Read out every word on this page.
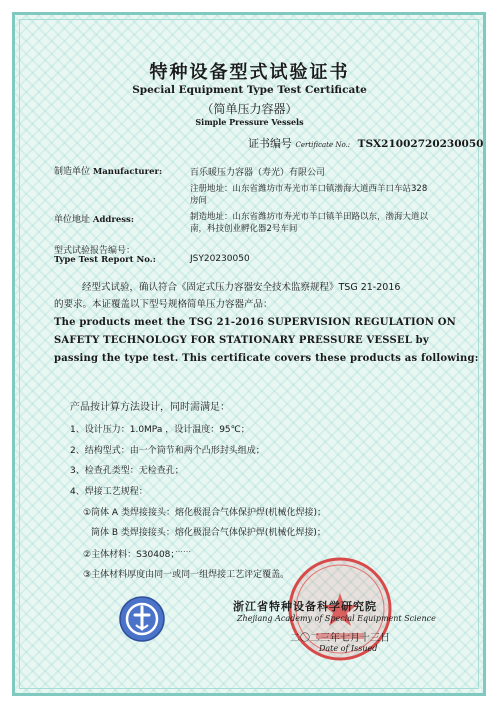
特种设备型式试验证书
Special Equipment Type Test Certificate
（简单压力容器）
Simple Pressure Vessels
证书编号 Certificate No.: TSX21002720230050
制造单位 Manufacturer:	百乐暖压力容器（寿光）有限公司
单位地址 Address:
注册地址：山东省潍坊市寿光市羊口镇渤海大道西羊口车站328房间
制造地址：山东省潍坊市寿光市羊口镇羊田路以东，渤海大道以南，科技创业孵化器2号车间
型式试验报告编号：
Type Test Report No.:	JSY20230050
经型式试验，确认符合《固定式压力容器安全技术监察规程》TSG 21-2016
的要求。本证覆盖以下型号规格简单压力容器产品：
The products meet the TSG 21-2016 SUPERVISION REGULATION ON
SAFETY TECHNOLOGY FOR STATIONARY PRESSURE VESSEL by
passing the type test. This certificate covers these products as following:
产品按计算方法设计，同时需满足：
1、设计压力：1.0MPa ，设计温度：95℃；
2、结构型式：由一个筒节和两个凸形封头组成；
3、检查孔类型：无检查孔；
4、焊接工艺规程：
①筒体 A 类焊接接头：熔化极混合气体保护焊(机械化焊接)；
筒体 B 类焊接接头：熔化极混合气体保护焊(机械化焊接)；
②主体材料：S30408；
……
③主体材料厚度由同一或同一组焊接工艺评定覆盖。
浙江省特种设备科学研究院
Zhejiang Academy of Special Equipment Science
二〇二三年七月十三日
Date of Issued
